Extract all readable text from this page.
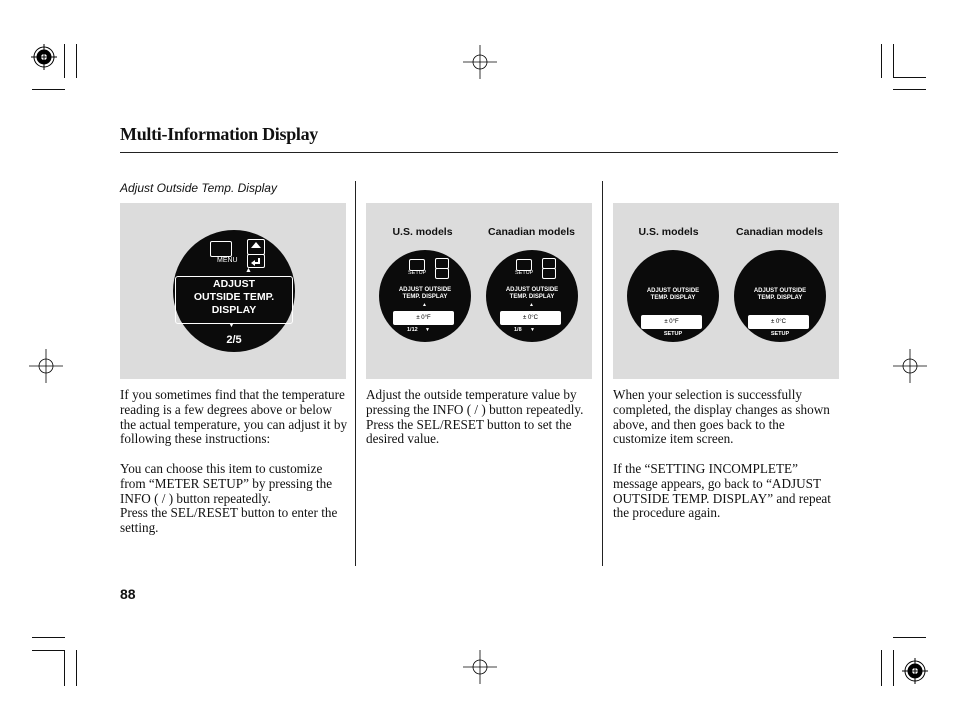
Multi-Information Display
Adjust Outside Temp. Display
MENU
▲
ADJUST
OUTSIDE TEMP.
DISPLAY
▼
2/5
U.S. models	Canadian models
SETUP
ADJUST OUTSIDE
TEMP. DISPLAY
▲
± 0°F
1/12 ▼
SETUP
ADJUST OUTSIDE
TEMP. DISPLAY
▲
± 0°C
1/8 ▼
U.S. models	Canadian models
ADJUST OUTSIDE
TEMP. DISPLAY
± 0°F
SETUP
ADJUST OUTSIDE
TEMP. DISPLAY
± 0°C
SETUP

If you sometimes find that the temperature reading is a few degrees above or below the actual temperature, you can adjust it by following these instructions:

You can choose this item to customize from “METER SETUP” by pressing the INFO ( / ) button repeatedly.
Press the SEL/RESET button to enter the setting.

Adjust the outside temperature value by pressing the INFO ( / ) button repeatedly. Press the SEL/RESET button to set the desired value.

When your selection is successfully completed, the display changes as shown above, and then goes back to the customize item screen.

If the “SETTING INCOMPLETE” message appears, go back to “ADJUST OUTSIDE TEMP. DISPLAY” and repeat the procedure again.

88
